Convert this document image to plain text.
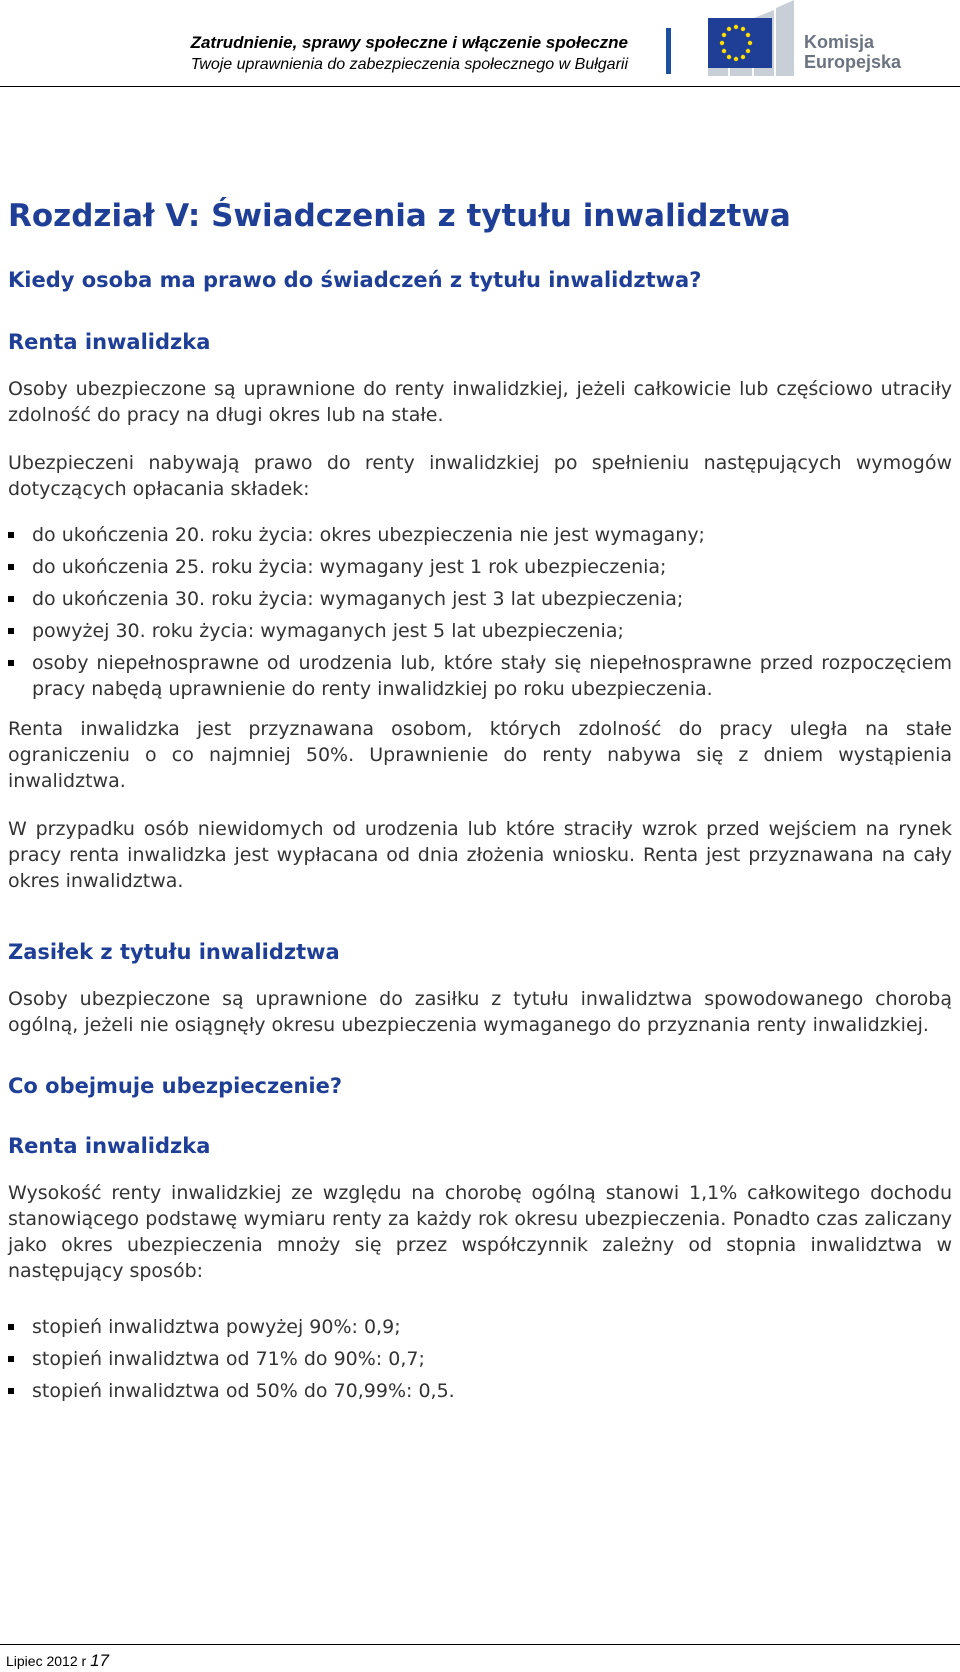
Zatrudnienie, sprawy społeczne i włączenie społeczne
Twoje uprawnienia do zabezpieczenia społecznego w Bułgarii
Komisja
Europejska
Rozdział V: Świadczenia z tytułu inwalidztwa
Kiedy osoba ma prawo do świadczeń z tytułu inwalidztwa?
Renta inwalidzka

Osoby ubezpieczone są uprawnione do renty inwalidzkiej, jeżeli całkowicie lub częściowo utraciły zdolność do pracy na długi okres lub na stałe.

Ubezpieczeni nabywają prawo do renty inwalidzkiej po spełnieniu następujących wymogów dotyczących opłacania składek:

do ukończenia 20. roku życia: okres ubezpieczenia nie jest wymagany;
do ukończenia 25. roku życia: wymagany jest 1 rok ubezpieczenia;
do ukończenia 30. roku życia: wymaganych jest 3 lat ubezpieczenia;
powyżej 30. roku życia: wymaganych jest 5 lat ubezpieczenia;
osoby niepełnosprawne od urodzenia lub, które stały się niepełnosprawne przed rozpoczęciem pracy nabędą uprawnienie do renty inwalidzkiej po roku ubezpieczenia.

Renta inwalidzka jest przyznawana osobom, których zdolność do pracy uległa na stałe ograniczeniu o co najmniej 50%. Uprawnienie do renty nabywa się z dniem wystąpienia inwalidztwa.

W przypadku osób niewidomych od urodzenia lub które straciły wzrok przed wejściem na rynek pracy renta inwalidzka jest wypłacana od dnia złożenia wniosku. Renta jest przyznawana na cały okres inwalidztwa.

Zasiłek z tytułu inwalidztwa

Osoby ubezpieczone są uprawnione do zasiłku z tytułu inwalidztwa spowodowanego chorobą ogólną, jeżeli nie osiągnęły okresu ubezpieczenia wymaganego do przyznania renty inwalidzkiej.

Co obejmuje ubezpieczenie?
Renta inwalidzka

Wysokość renty inwalidzkiej ze względu na chorobę ogólną stanowi 1,1% całkowitego dochodu stanowiącego podstawę wymiaru renty za każdy rok okresu ubezpieczenia. Ponadto czas zaliczany jako okres ubezpieczenia mnoży się przez współczynnik zależny od stopnia inwalidztwa w następujący sposób:

stopień inwalidztwa powyżej 90%: 0,9;
stopień inwalidztwa od 71% do 90%: 0,7;
stopień inwalidztwa od 50% do 70,99%: 0,5.
Lipiec 2012 r 17
